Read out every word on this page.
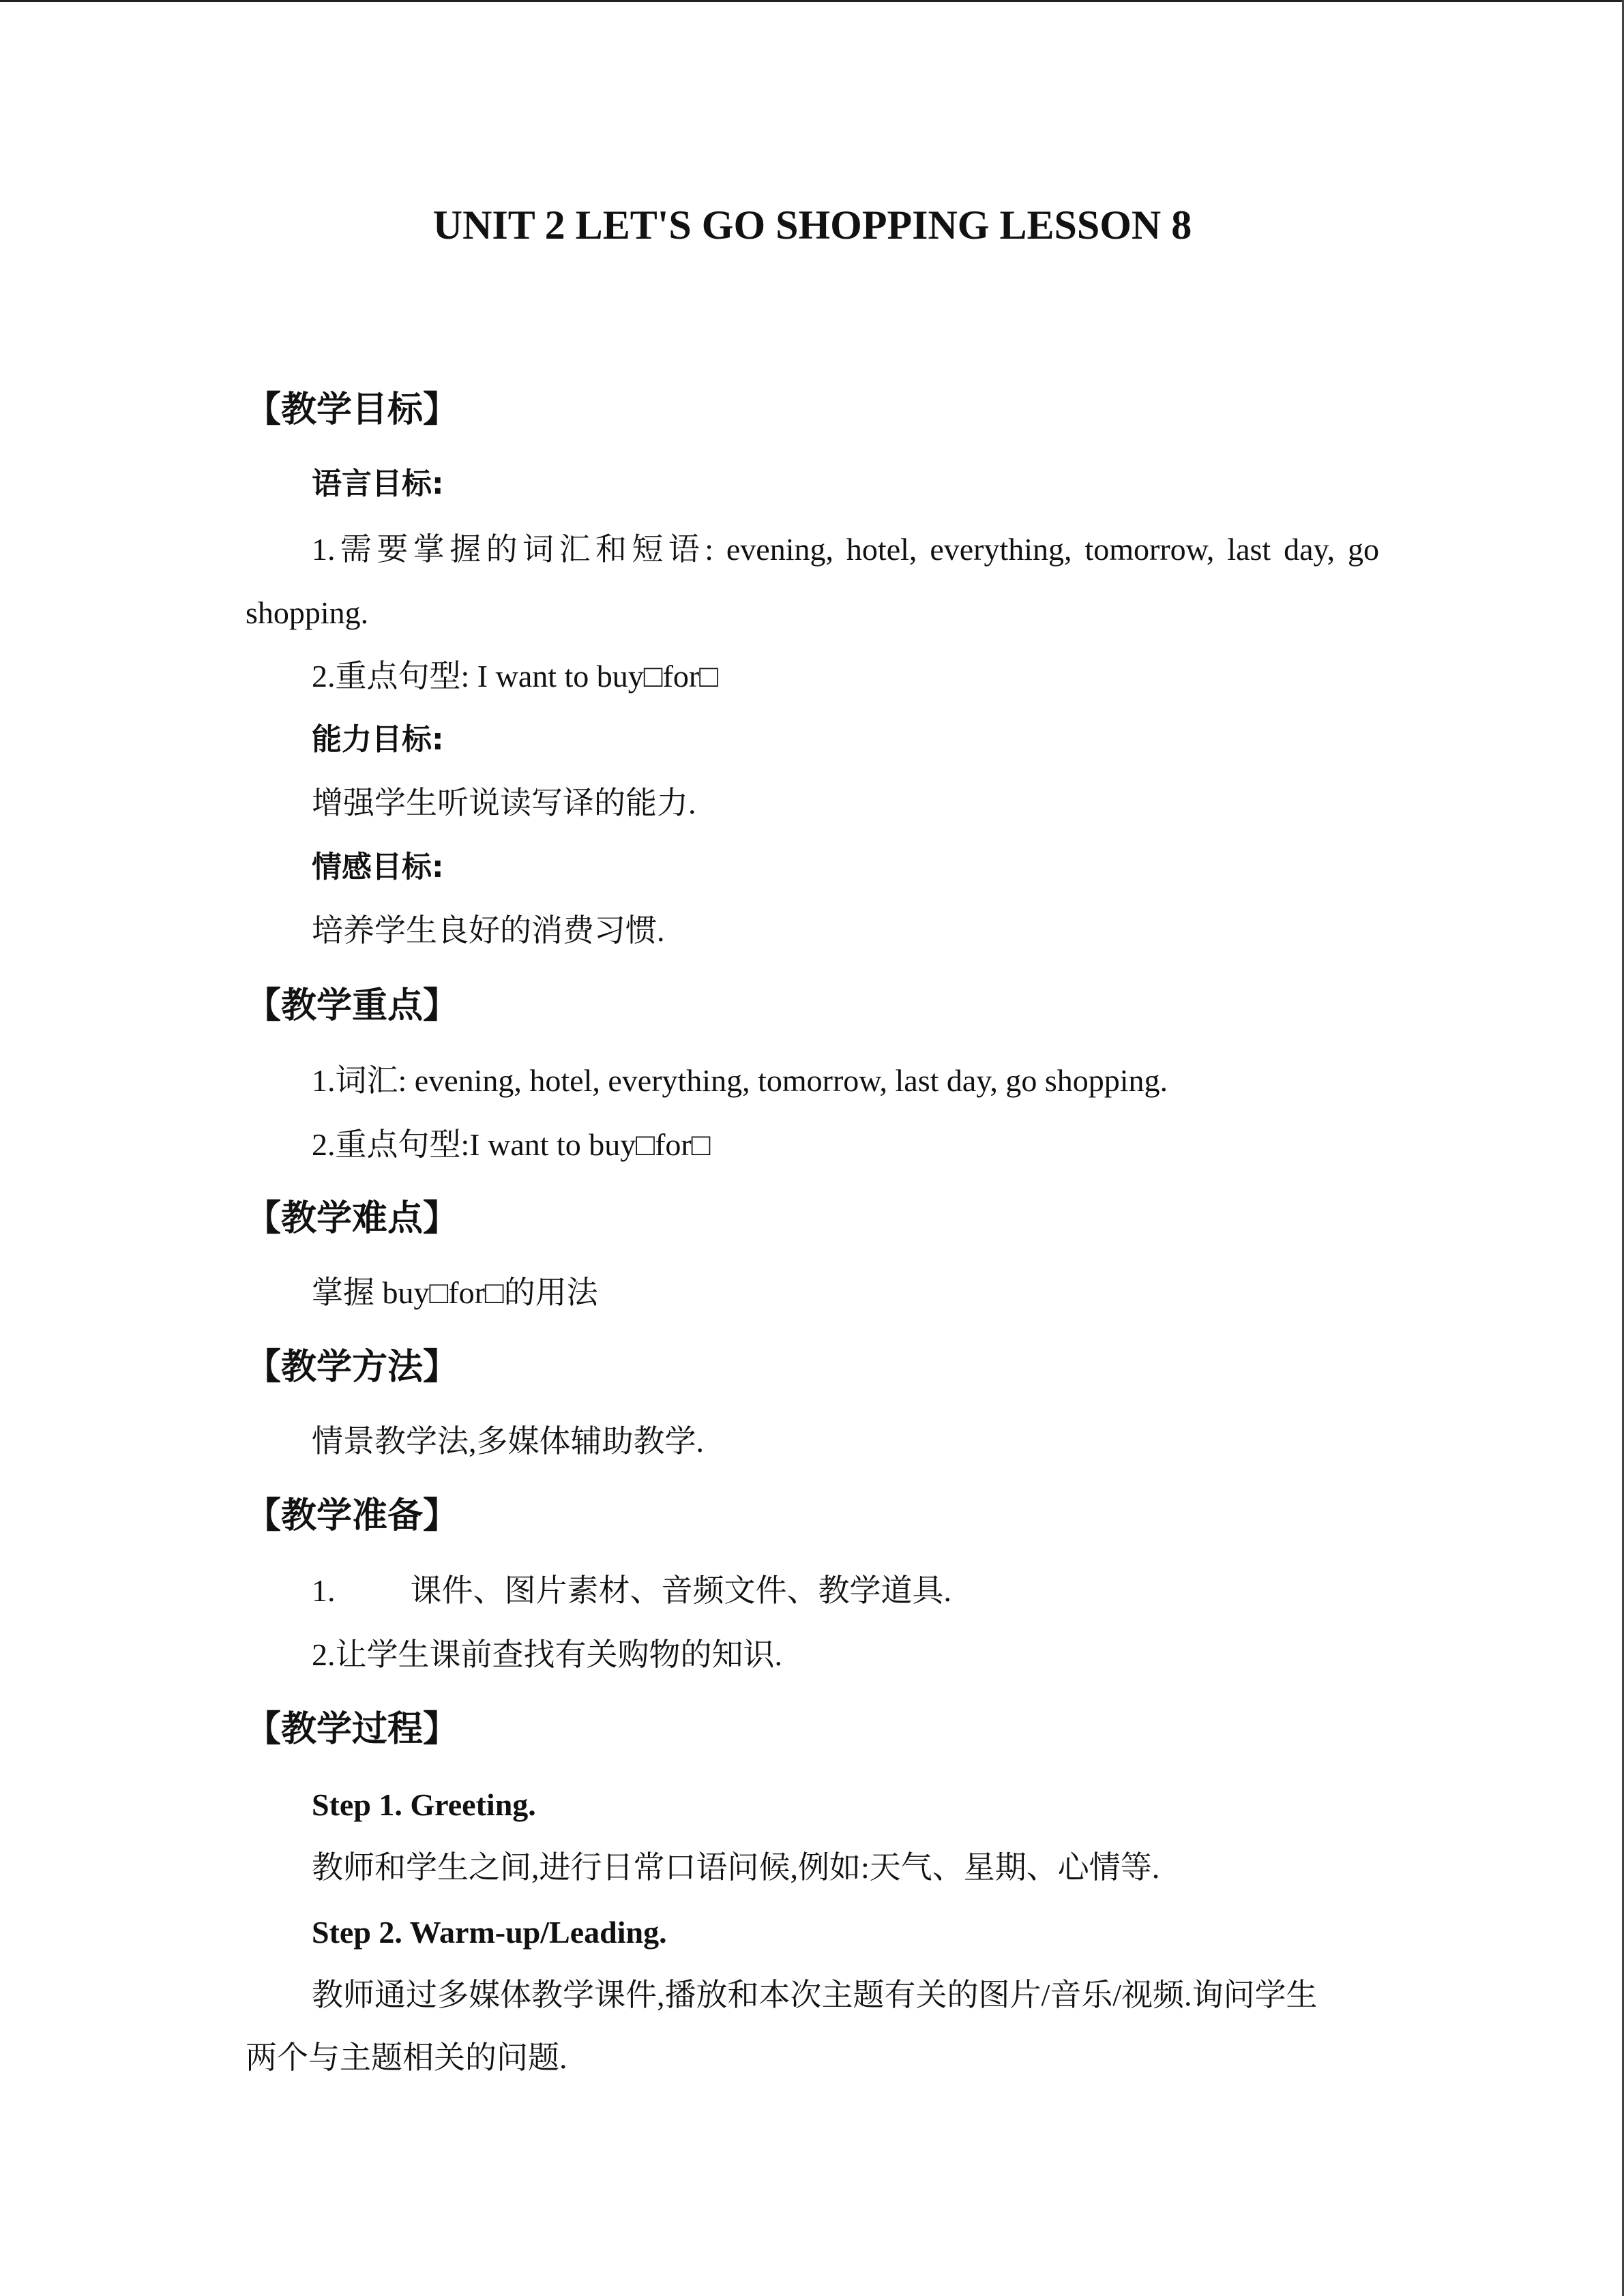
UNIT 2 LET'S GO SHOPPING LESSON 8
【教学目标】
语言目标:
1.需要掌握的词汇和短语: evening, hotel, everything, tomorrow, last day, go
shopping.
2.重点句型: I want to buy□for□
能力目标:
增强学生听说读写译的能力.
情感目标:
培养学生良好的消费习惯.
【教学重点】
1.词汇: evening, hotel, everything, tomorrow, last day, go shopping.
2.重点句型:I want to buy□for□
【教学难点】
掌握 buy□for□的用法
【教学方法】
情景教学法,多媒体辅助教学.
【教学准备】
1. 课件、图片素材、音频文件、教学道具.
2.让学生课前查找有关购物的知识.
【教学过程】
Step 1. Greeting.
教师和学生之间,进行日常口语问候,例如:天气、星期、心情等.
Step 2. Warm-up/Leading.
教师通过多媒体教学课件,播放和本次主题有关的图片/音乐/视频.询问学生
两个与主题相关的问题.
